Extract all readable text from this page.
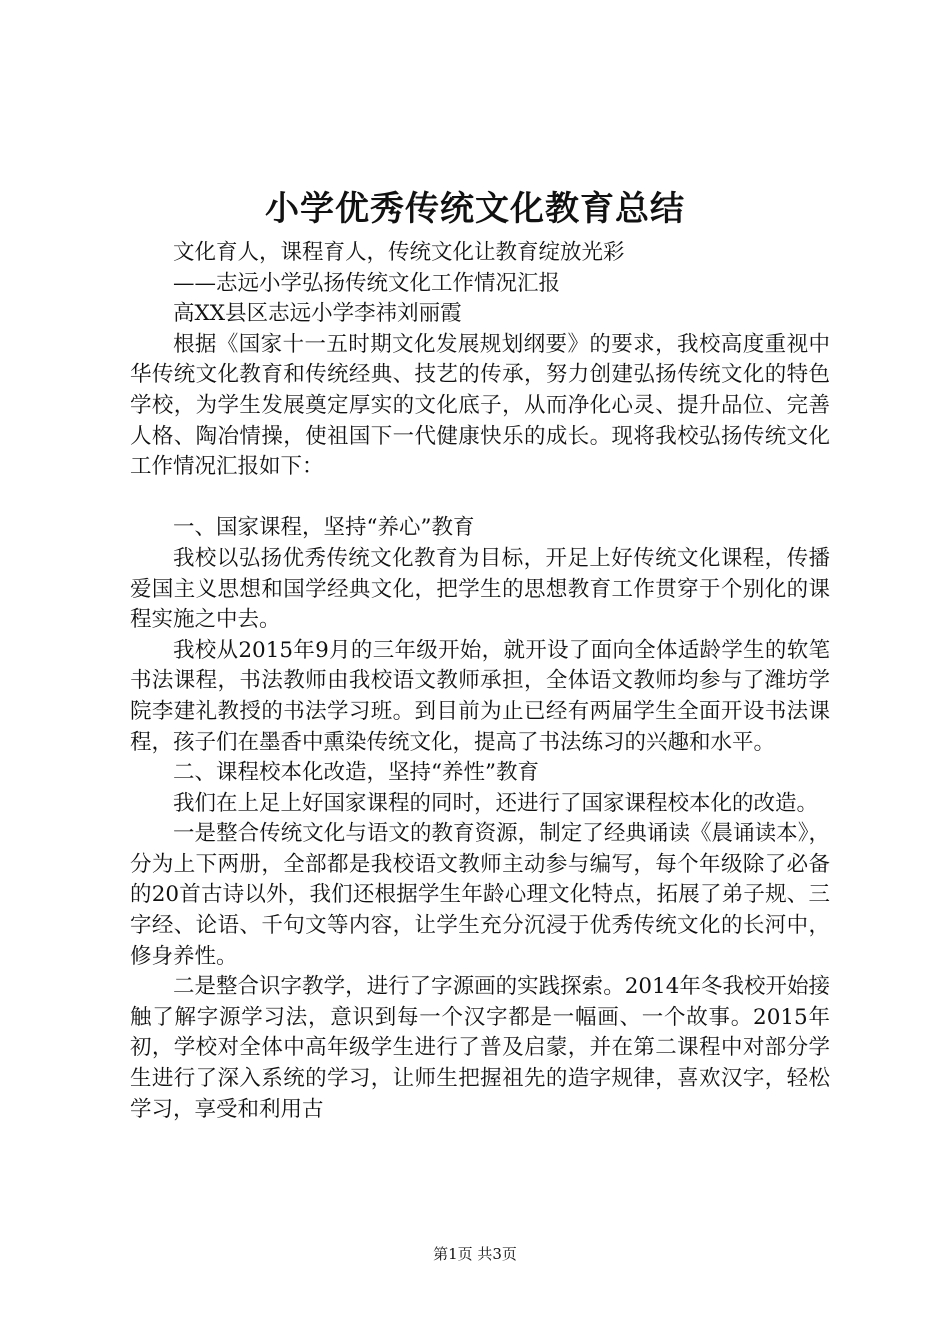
小学优秀传统文化教育总结

文化育人，课程育人，传统文化让教育绽放光彩

——志远小学弘扬传统文化工作情况汇报

高XX县区志远小学李祎刘丽霞

根据《国家十一五时期文化发展规划纲要》的要求，我校高度重视中华传统文化教育和传统经典、技艺的传承，努力创建弘扬传统文化的特色学校，为学生发展奠定厚实的文化底子，从而净化心灵、提升品位、完善人格、陶冶情操，使祖国下一代健康快乐的成长。现将我校弘扬传统文化工作情况汇报如下：

一、国家课程，坚持“养心”教育

我校以弘扬优秀传统文化教育为目标，开足上好传统文化课程，传播爱国主义思想和国学经典文化，把学生的思想教育工作贯穿于个别化的课程实施之中去。

我校从2015年9月的三年级开始，就开设了面向全体适龄学生的软笔书法课程，书法教师由我校语文教师承担，全体语文教师均参与了潍坊学院李建礼教授的书法学习班。到目前为止已经有两届学生全面开设书法课程，孩子们在墨香中熏染传统文化，提高了书法练习的兴趣和水平。

二、课程校本化改造，坚持“养性”教育

我们在上足上好国家课程的同时，还进行了国家课程校本化的改造。

一是整合传统文化与语文的教育资源，制定了经典诵读《晨诵读本》，分为上下两册，全部都是我校语文教师主动参与编写，每个年级除了必备的20首古诗以外，我们还根据学生年龄心理文化特点，拓展了弟子规、三字经、论语、千句文等内容，让学生充分沉浸于优秀传统文化的长河中，修身养性。

二是整合识字教学，进行了字源画的实践探索。2014年冬我校开始接触了解字源学习法，意识到每一个汉字都是一幅画、一个故事。2015年初，学校对全体中高年级学生进行了普及启蒙，并在第二课程中对部分学生进行了深入系统的学习，让师生把握祖先的造字规律，喜欢汉字，轻松学习，享受和利用古

第1页 共3页
